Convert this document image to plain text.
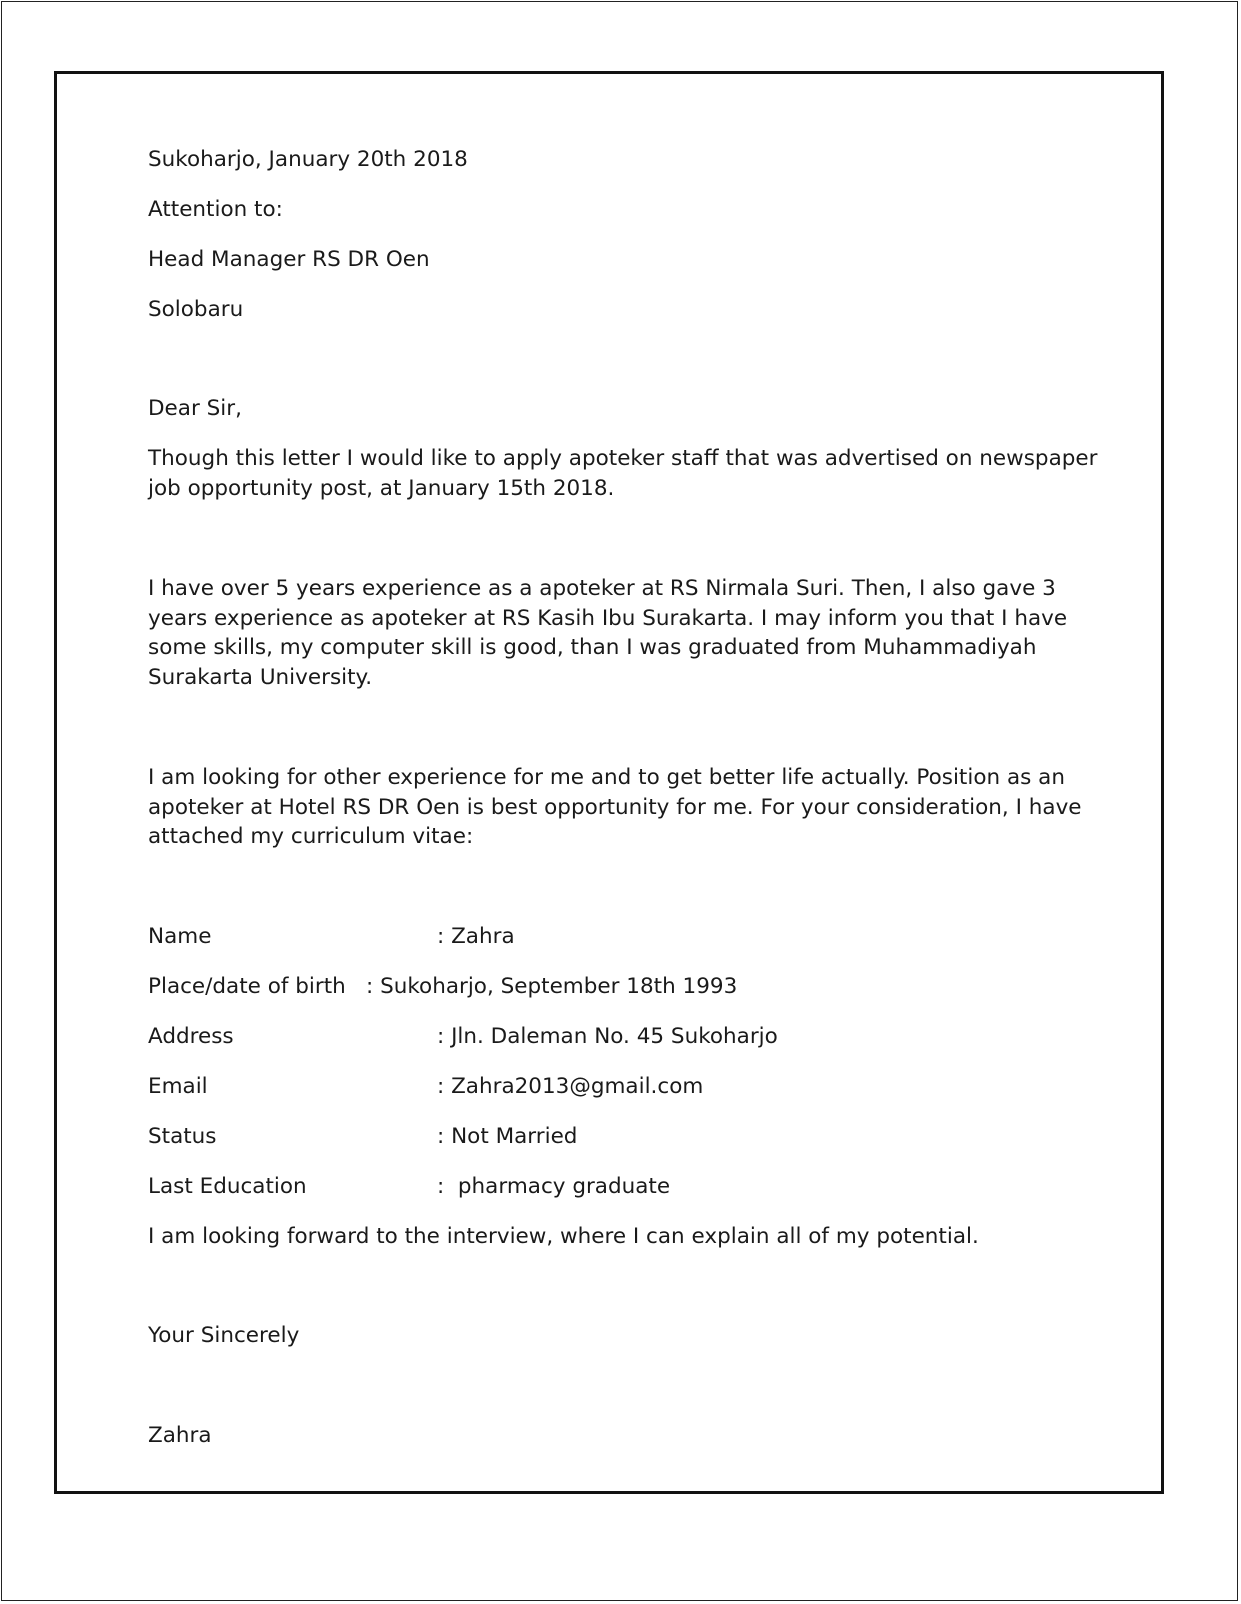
Sukoharjo, January 20th 2018

Attention to:

Head Manager RS DR Oen

Solobaru

Dear Sir,

Though this letter I would like to apply apoteker staff that was advertised on newspaper job opportunity post, at January 15th 2018.

I have over 5 years experience as a apoteker at RS Nirmala Suri. Then, I also gave 3 years experience as apoteker at RS Kasih Ibu Surakarta. I may inform you that I have some skills, my computer skill is good, than I was graduated from Muhammadiyah Surakarta University.

I am looking for other experience for me and to get better life actually. Position as an apoteker at Hotel RS DR Oen is best opportunity for me. For your consideration, I have attached my curriculum vitae:

Name	: Zahra
Place/date of birth : Sukoharjo, September 18th 1993
Address	: Jln. Daleman No. 45 Sukoharjo
Email	: Zahra2013@gmail.com
Status	: Not Married
Last Education	:  pharmacy graduate

I am looking forward to the interview, where I can explain all of my potential.

Your Sincerely

Zahra
